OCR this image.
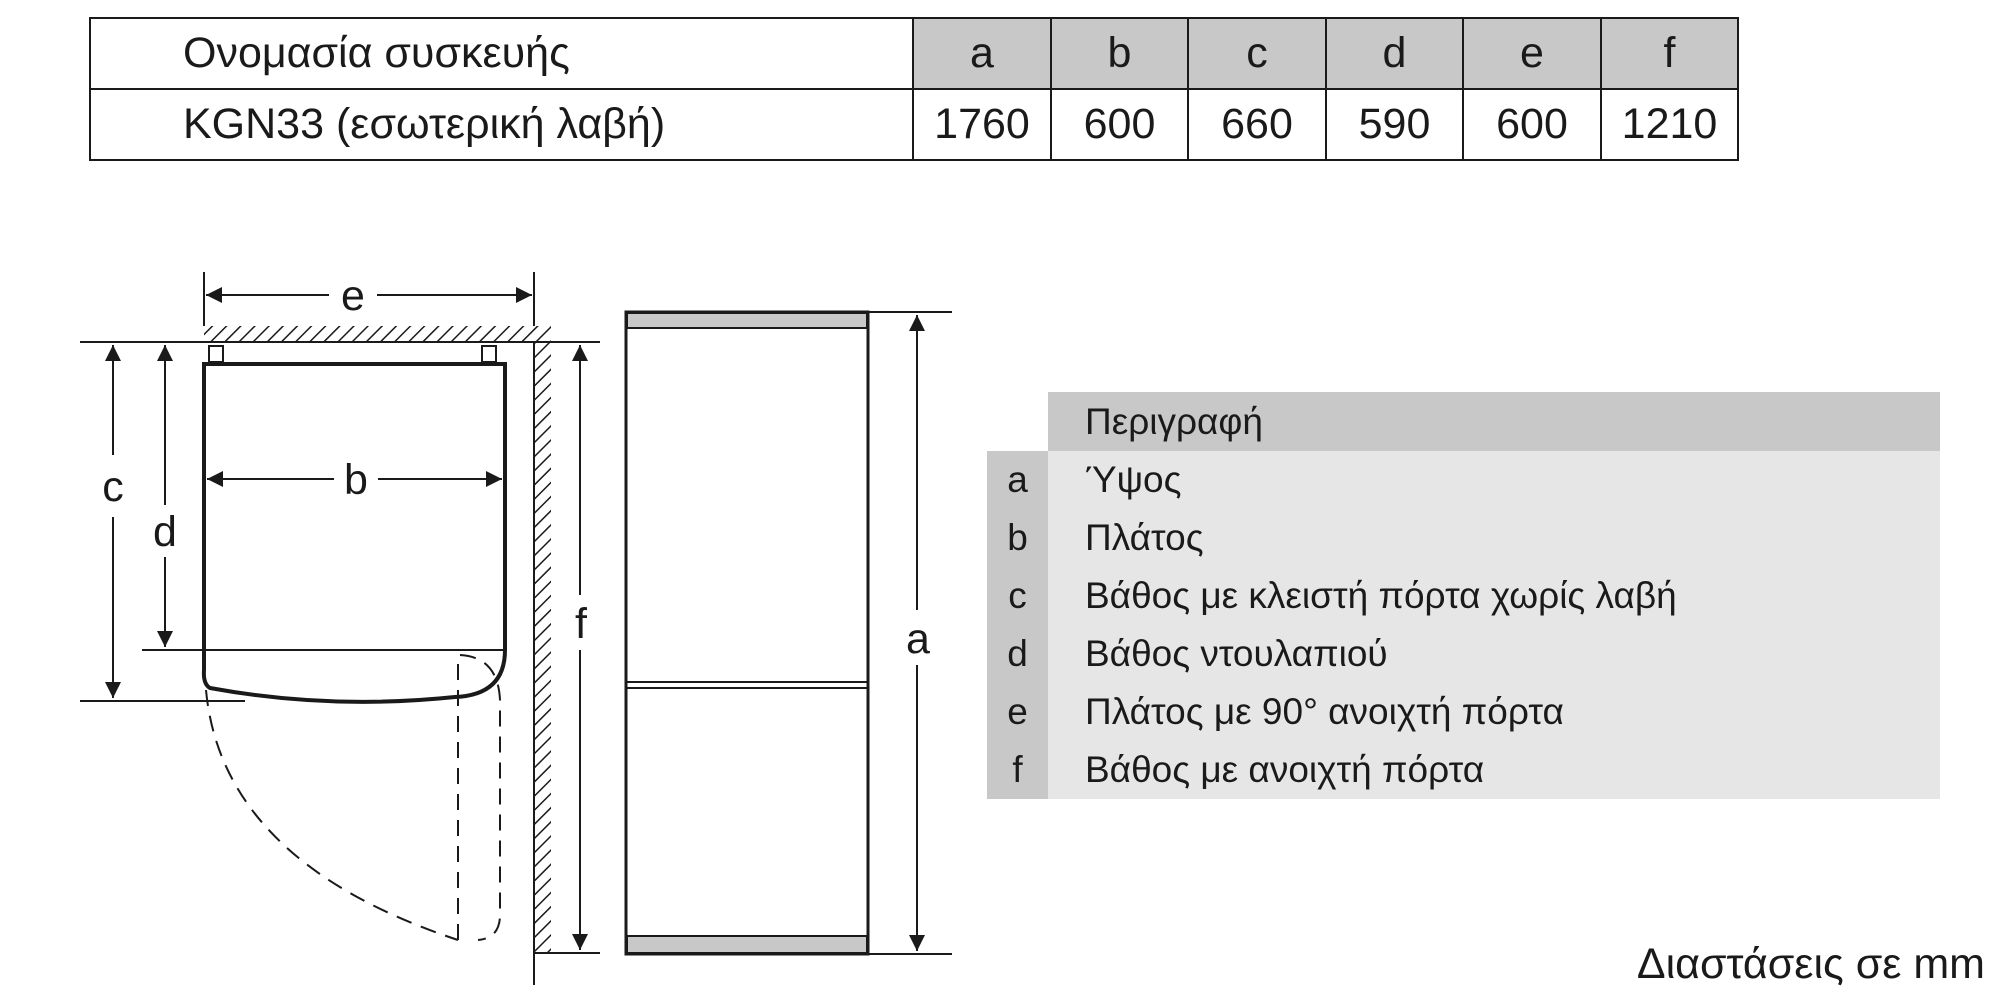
Ονομασία συσκευής	a	b	c	d	e	f
KGN33 (εσωτερική λαβή)	1760	600	660	590	600	1210
e
b
c
d
f	a
Περιγραφή
a	Ύψος
b	Πλάτος
c	Βάθος με κλειστή πόρτα χωρίς λαβή
d	Βάθος ντουλαπιού
e	Πλάτος με 90° ανοιχτή πόρτα
f	Βάθος με ανοιχτή πόρτα
Διαστάσεις σε mm
